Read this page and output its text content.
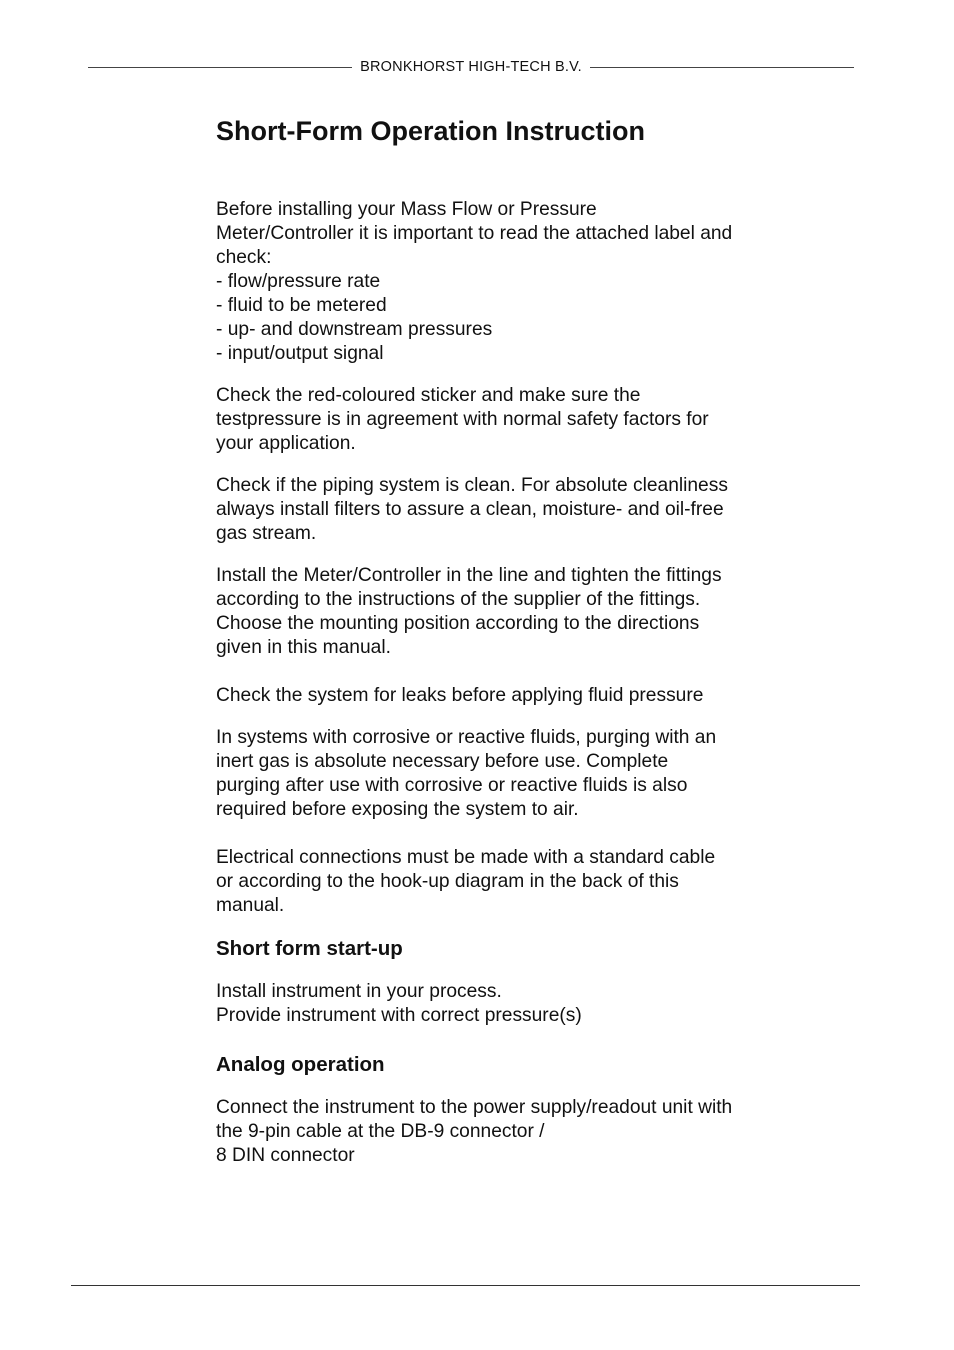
BRONKHORST HIGH-TECH B.V.
Short-Form Operation Instruction

Before installing your Mass Flow or Pressure Meter/Controller it is important to read the attached label and check:
- flow/pressure rate
- fluid to be metered
- up- and downstream pressures
- input/output signal

Check the red-coloured sticker and make sure the testpressure is in agreement with normal safety factors for your application.

Check if the piping system is clean. For absolute cleanliness always install filters to assure a clean, moisture- and oil-free gas stream.

Install the Meter/Controller in the line and tighten the fittings according to the instructions of the supplier of the fittings. Choose the mounting position according to the directions given in this manual.

Check the system for leaks before applying fluid pressure

In systems with corrosive or reactive fluids, purging with an inert gas is absolute necessary before use. Complete purging after use with corrosive or reactive fluids is also required before exposing the system to air.

Electrical connections must be made with a standard cable or according to the hook-up diagram in the back of this manual.

Short form start-up

Install instrument in your process.
Provide instrument with correct pressure(s)

Analog operation

Connect the instrument to the power supply/readout unit with the 9-pin cable at the DB-9 connector /
8 DIN connector
